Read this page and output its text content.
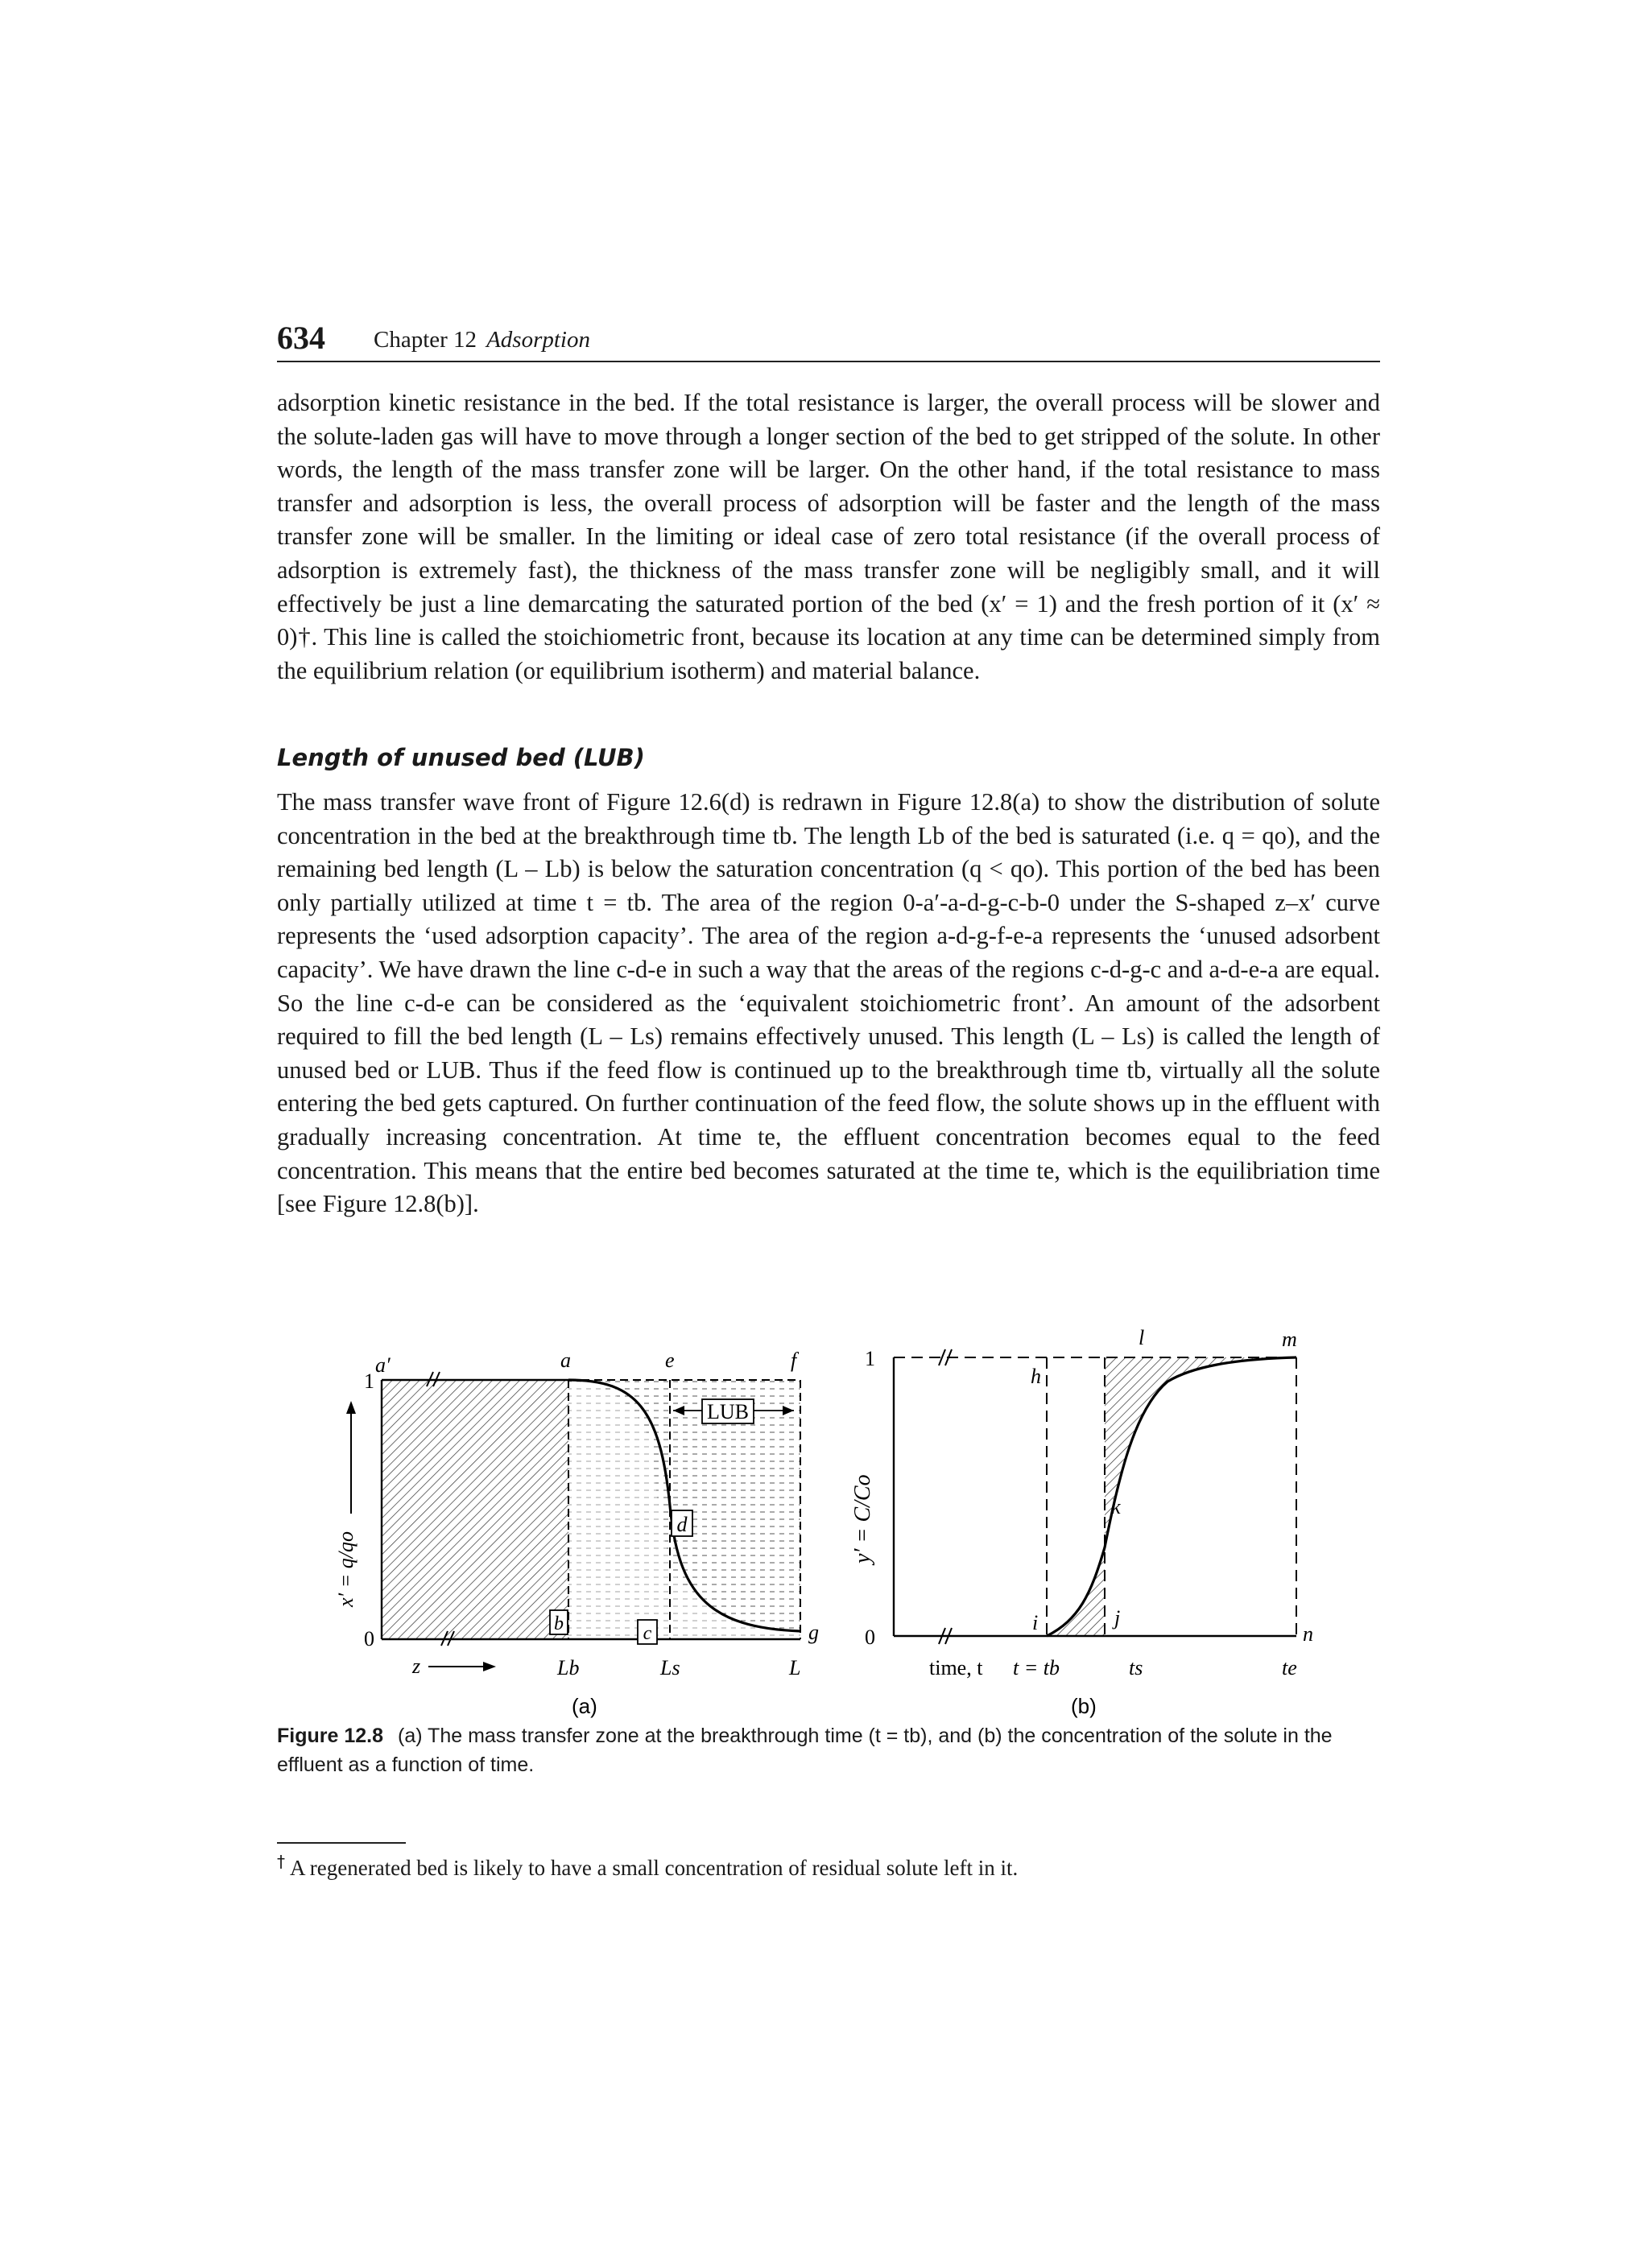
634 Chapter 12 Adsorption

adsorption kinetic resistance in the bed. If the total resistance is larger, the overall process will be slower and the solute-laden gas will have to move through a longer section of the bed to get stripped of the solute. In other words, the length of the mass transfer zone will be larger. On the other hand, if the total resistance to mass transfer and adsorption is less, the overall process of adsorption will be faster and the length of the mass transfer zone will be smaller. In the limiting or ideal case of zero total resistance (if the overall process of adsorption is extremely fast), the thickness of the mass transfer zone will be negligibly small, and it will effectively be just a line demarcating the saturated portion of the bed (x′ = 1) and the fresh portion of it (x′ ≈ 0)†. This line is called the stoichiometric front, because its location at any time can be determined simply from the equilibrium relation (or equilibrium isotherm) and material balance.

Length of unused bed (LUB)

The mass transfer wave front of Figure 12.6(d) is redrawn in Figure 12.8(a) to show the distribution of solute concentration in the bed at the breakthrough time tb. The length Lb of the bed is saturated (i.e. q = qo), and the remaining bed length (L – Lb) is below the saturation concentration (q < qo). This portion of the bed has been only partially utilized at time t = tb. The area of the region 0-a′-a-d-g-c-b-0 under the S-shaped z–x′ curve represents the ‘used adsorption capacity’. The area of the region a-d-g-f-e-a represents the ‘unused adsorbent capacity’. We have drawn the line c-d-e in such a way that the areas of the regions c-d-g-c and a-d-e-a are equal. So the line c-d-e can be considered as the ‘equivalent stoichiometric front’. An amount of the adsorbent required to fill the bed length (L – Ls) remains effectively unused. This length (L – Ls) is called the length of unused bed or LUB. Thus if the feed flow is continued up to the breakthrough time tb, virtually all the solute entering the bed gets captured. On further continuation of the feed flow, the solute shows up in the effluent with gradually increasing concentration. At time te, the effluent concentration becomes equal to the feed concentration. This means that the entire bed becomes saturated at the time te, which is the equilibriation time [see Figure 12.8(b)].

LUB
d
b	c
a′	a	e	f
g
1
0
x′ = q/qo
z	Lb	Ls	L
(a)
h
l	m
i	j
k
n
1
0
y′ = C/Co
time, t t = tb	ts	te
(b)
Figure 12.8 (a) The mass transfer zone at the breakthrough time (t = tb), and (b) the concentration of the solute in the effluent as a function of time.
† A regenerated bed is likely to have a small concentration of residual solute left in it.
